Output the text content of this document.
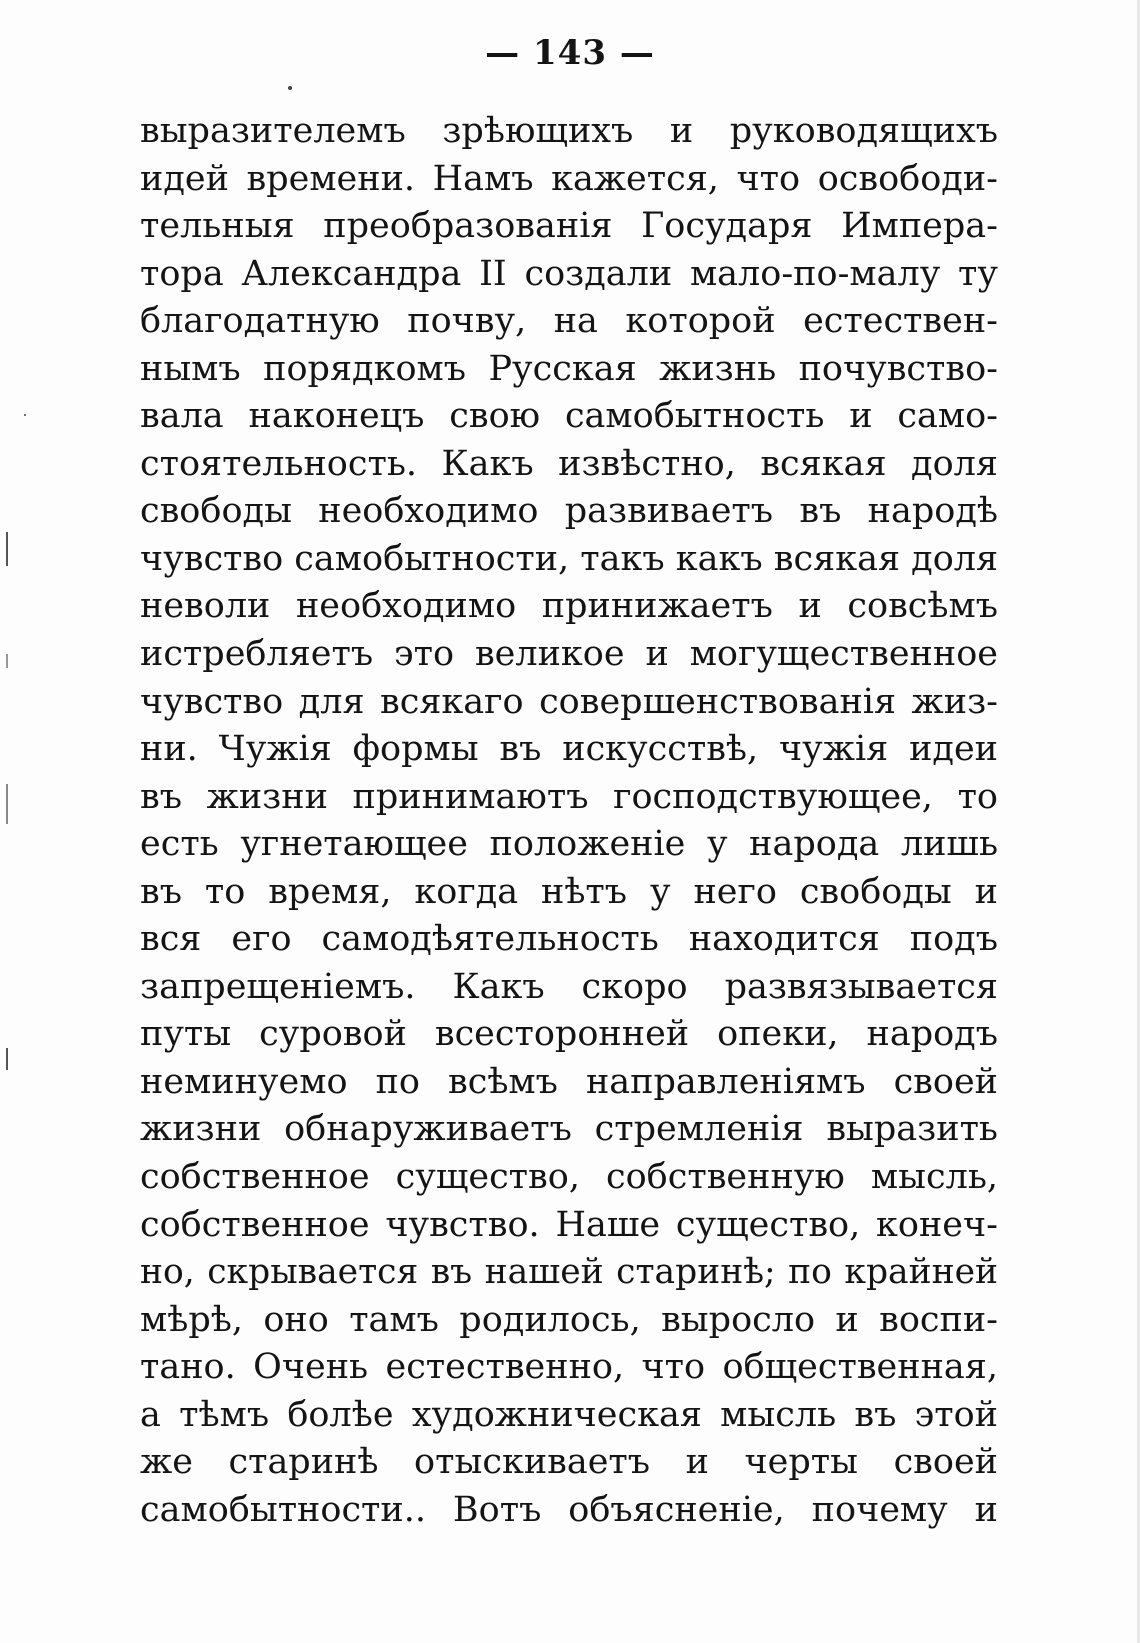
— 143 —
выразителемъ зрѣющихъ и руководящихъ
идей времени. Намъ кажется, что освободи-
тельныя преобразованія Государя Импера-
тора Александра II создали мало-по-малу ту
благодатную почву, на которой естествен-
нымъ порядкомъ Русская жизнь почувство-
вала наконецъ свою самобытность и само-
стоятельность. Какъ извѣстно, всякая доля
свободы необходимо развиваетъ въ народѣ
чувство самобытности, такъ какъ всякая доля
неволи необходимо принижаетъ и совсѣмъ
истребляетъ это великое и могущественное
чувство для всякаго совершенствованія жиз-
ни. Чужія формы въ искусствѣ, чужія идеи
въ жизни принимаютъ господствующее, то
есть угнетающее положеніе у народа лишь
въ то время, когда нѣтъ у него свободы и
вся его самодѣятельность находится подъ
запрещеніемъ. Какъ скоро развязывается
путы суровой всесторонней опеки, народъ
неминуемо по всѣмъ направленіямъ своей
жизни обнаруживаетъ стремленія выразить
собственное существо, собственную мысль,
собственное чувство. Наше существо, конеч-
но, скрывается въ нашей старинѣ; по крайней
мѣрѣ, оно тамъ родилось, выросло и воспи-
тано. Очень естественно, что общественная,
а тѣмъ болѣе художническая мысль въ этой
же старинѣ отыскиваетъ и черты своей
самобытности.. Вотъ объясненіе, почему и
